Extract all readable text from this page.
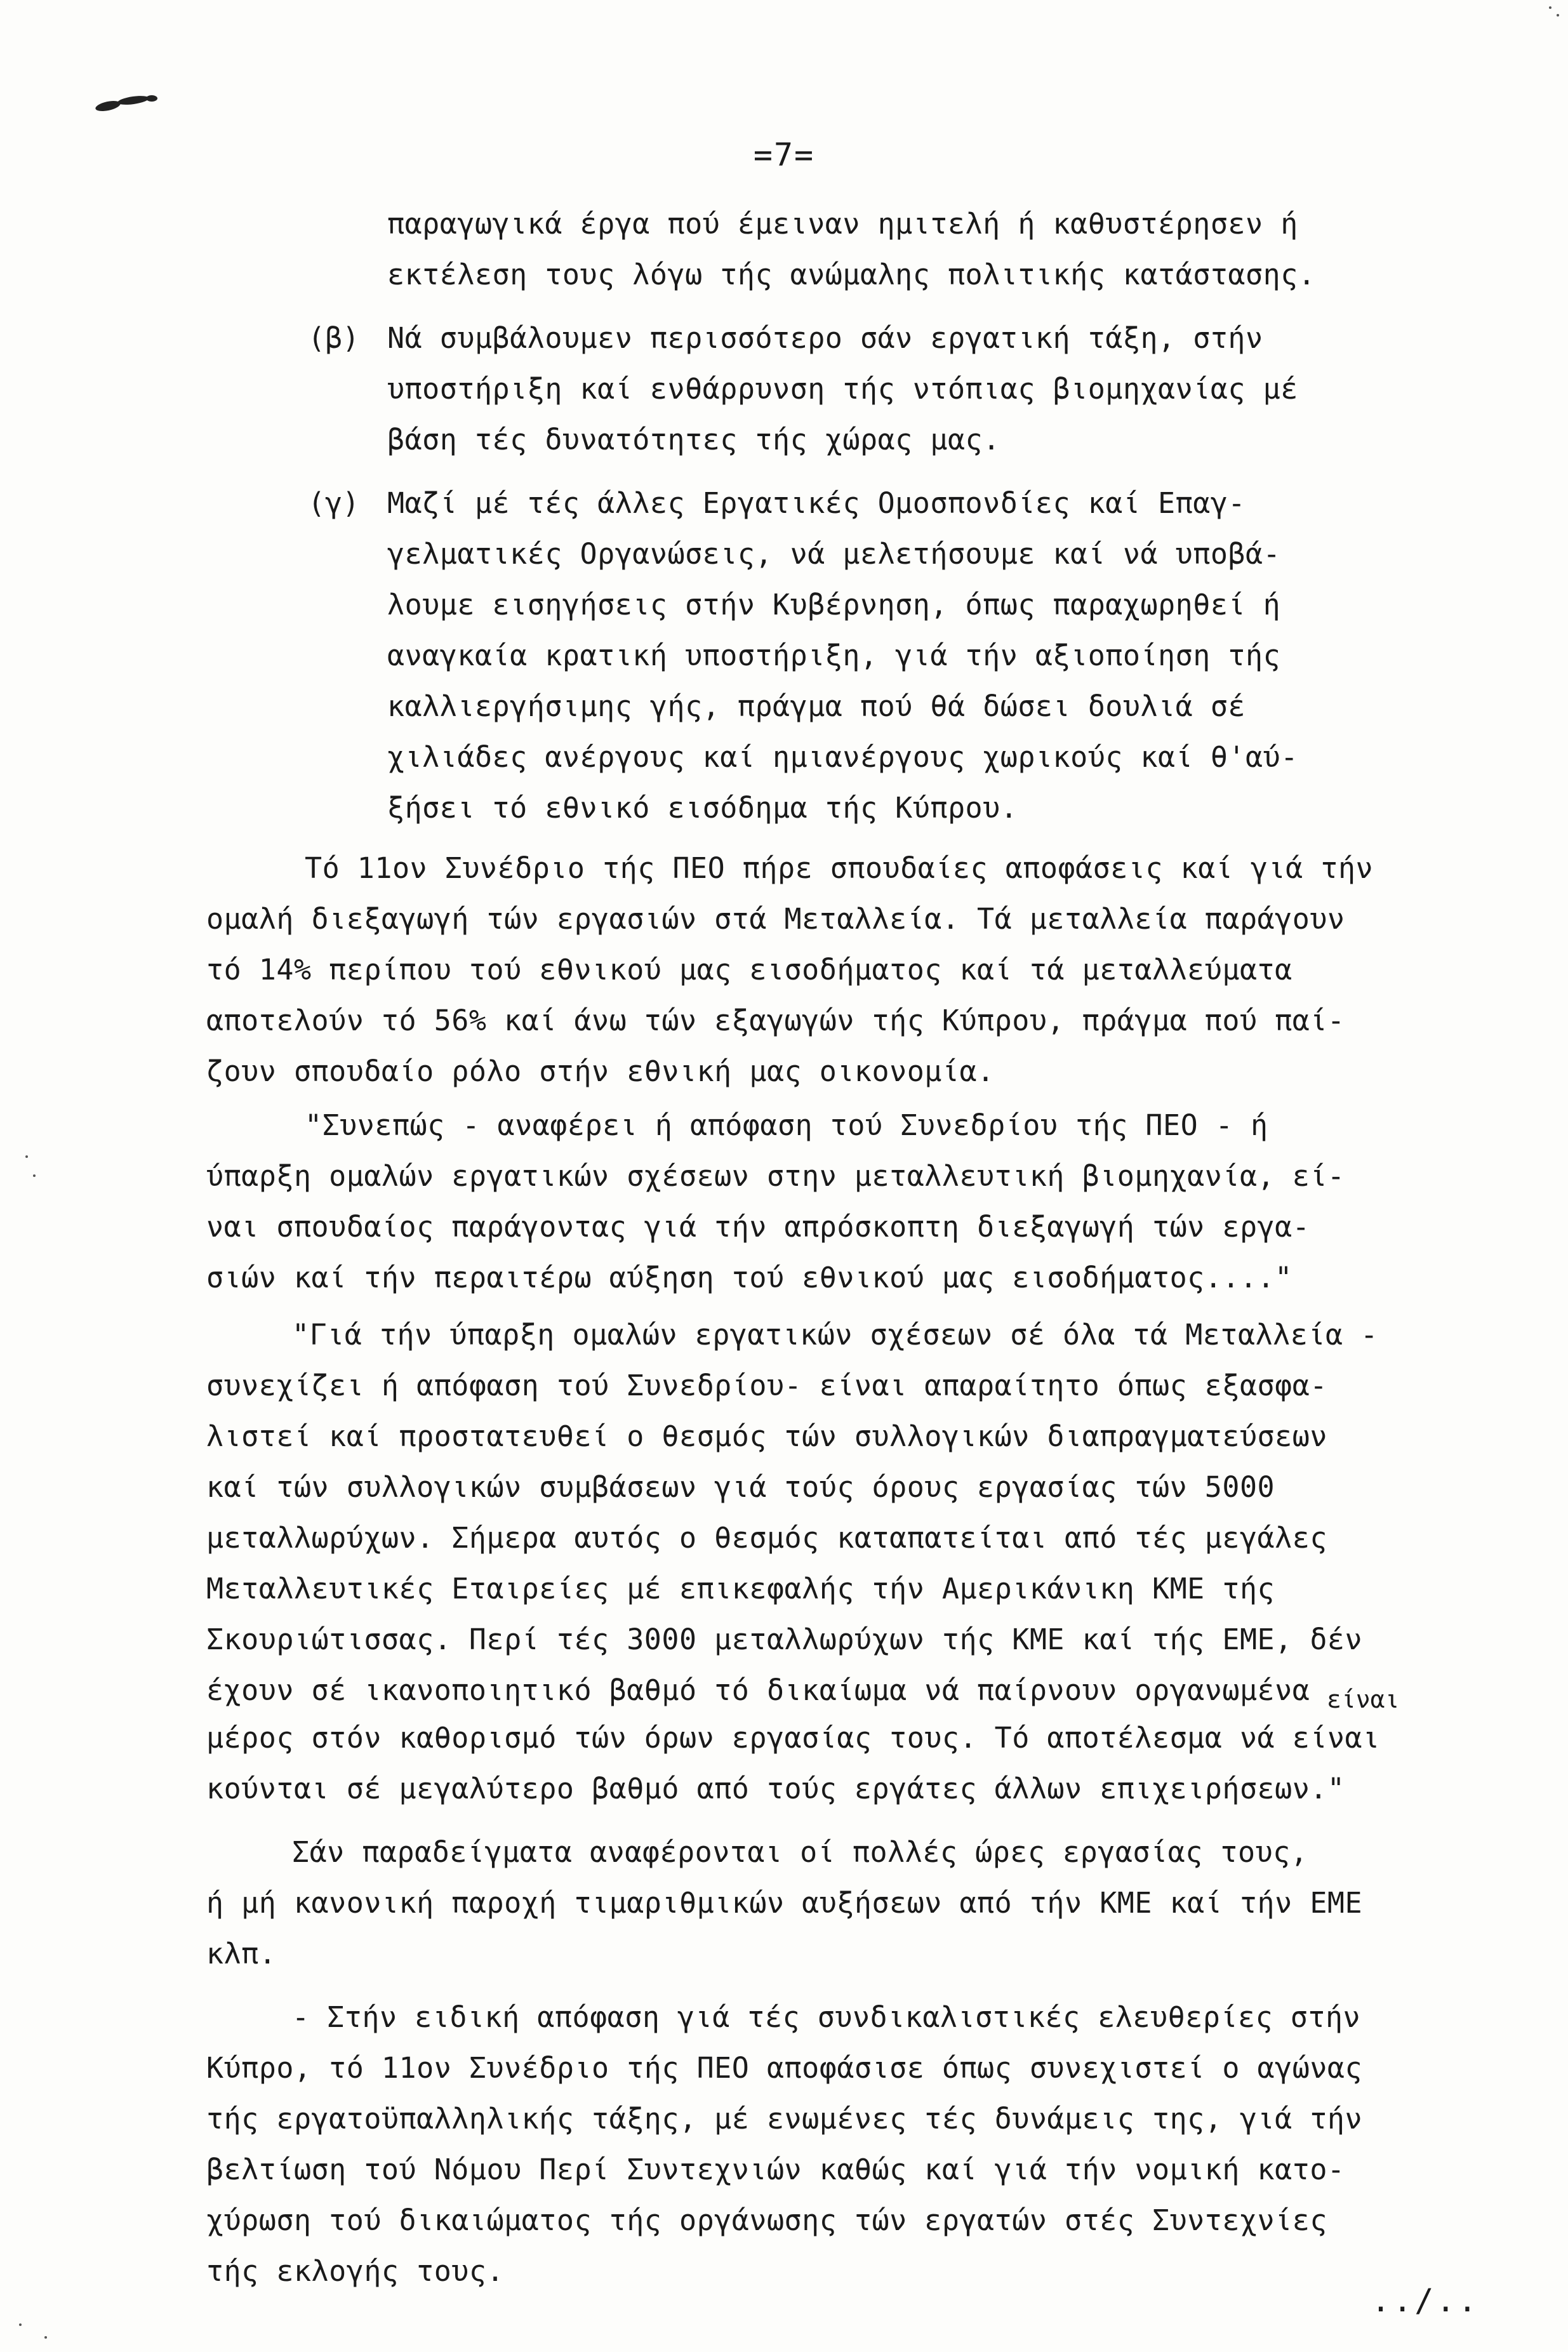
=7=
παραγωγικά έργα πού έμειναν ημιτελή ή καθυστέρησεν ή
εκτέλεση τους λόγω τής ανώμαλης πολιτικής κατάστασης.
(β) Νά συμβάλουμεν περισσότερο σάν εργατική τάξη, στήν
υποστήριξη καί ενθάρρυνση τής ντόπιας βιομηχανίας μέ
βάση τές δυνατότητες τής χώρας μας.
(γ) Μαζί μέ τές άλλες Εργατικές Ομοσπονδίες καί Επαγ-
γελματικές Οργανώσεις, νά μελετήσουμε καί νά υποβά-
λουμε εισηγήσεις στήν Κυβέρνηση, όπως παραχωρηθεί ή
αναγκαία κρατική υποστήριξη, γιά τήν αξιοποίηση τής
καλλιεργήσιμης γής, πράγμα πού θά δώσει δουλιά σέ
χιλιάδες ανέργους καί ημιανέργους χωρικούς καί θ'αύ-
ξήσει τό εθνικό εισόδημα τής Κύπρου.
Τό 11ον Συνέδριο τής ΠΕΟ πήρε σπουδαίες αποφάσεις καί γιά τήν
ομαλή διεξαγωγή τών εργασιών στά Μεταλλεία. Τά μεταλλεία παράγουν
τό 14% περίπου τού εθνικού μας εισοδήματος καί τά μεταλλεύματα
αποτελούν τό 56% καί άνω τών εξαγωγών τής Κύπρου, πράγμα πού παί-
ζουν σπουδαίο ρόλο στήν εθνική μας οικονομία.
"Συνεπώς - αναφέρει ή απόφαση τού Συνεδρίου τής ΠΕΟ - ή
ύπαρξη ομαλών εργατικών σχέσεων στην μεταλλευτική βιομηχανία, εί-
ναι σπουδαίος παράγοντας γιά τήν απρόσκοπτη διεξαγωγή τών εργα-
σιών καί τήν περαιτέρω αύξηση τού εθνικού μας εισοδήματος...."
"Γιά τήν ύπαρξη ομαλών εργατικών σχέσεων σέ όλα τά Μεταλλεία -
συνεχίζει ή απόφαση τού Συνεδρίου- είναι απαραίτητο όπως εξασφα-
λιστεί καί προστατευθεί ο θεσμός τών συλλογικών διαπραγματεύσεων
καί τών συλλογικών συμβάσεων γιά τούς όρους εργασίας τών 5000
μεταλλωρύχων. Σήμερα αυτός ο θεσμός καταπατείται από τές μεγάλες
Μεταλλευτικές Εταιρείες μέ επικεφαλής τήν Αμερικάνικη ΚΜΕ τής
Σκουριώτισσας. Περί τές 3000 μεταλλωρύχων τής ΚΜΕ καί τής ΕΜΕ, δέν
έχουν σέ ικανοποιητικό βαθμό τό δικαίωμα νά παίρνουν οργανωμένα είναι
μέρος στόν καθορισμό τών όρων εργασίας τους. Τό αποτέλεσμα νά είναι
κούνται σέ μεγαλύτερο βαθμό από τούς εργάτες άλλων επιχειρήσεων."
Σάν παραδείγματα αναφέρονται οί πολλές ώρες εργασίας τους,
ή μή κανονική παροχή τιμαριθμικών αυξήσεων από τήν ΚΜΕ καί τήν ΕΜΕ
κλπ.
- Στήν ειδική απόφαση γιά τές συνδικαλιστικές ελευθερίες στήν
Κύπρο, τό 11ον Συνέδριο τής ΠΕΟ αποφάσισε όπως συνεχιστεί ο αγώνας
τής εργατοϋπαλληλικής τάξης, μέ ενωμένες τές δυνάμεις της, γιά τήν
βελτίωση τού Νόμου Περί Συντεχνιών καθώς καί γιά τήν νομική κατο-
χύρωση τού δικαιώματος τής οργάνωσης τών εργατών στές Συντεχνίες
τής εκλογής τους.
../..
